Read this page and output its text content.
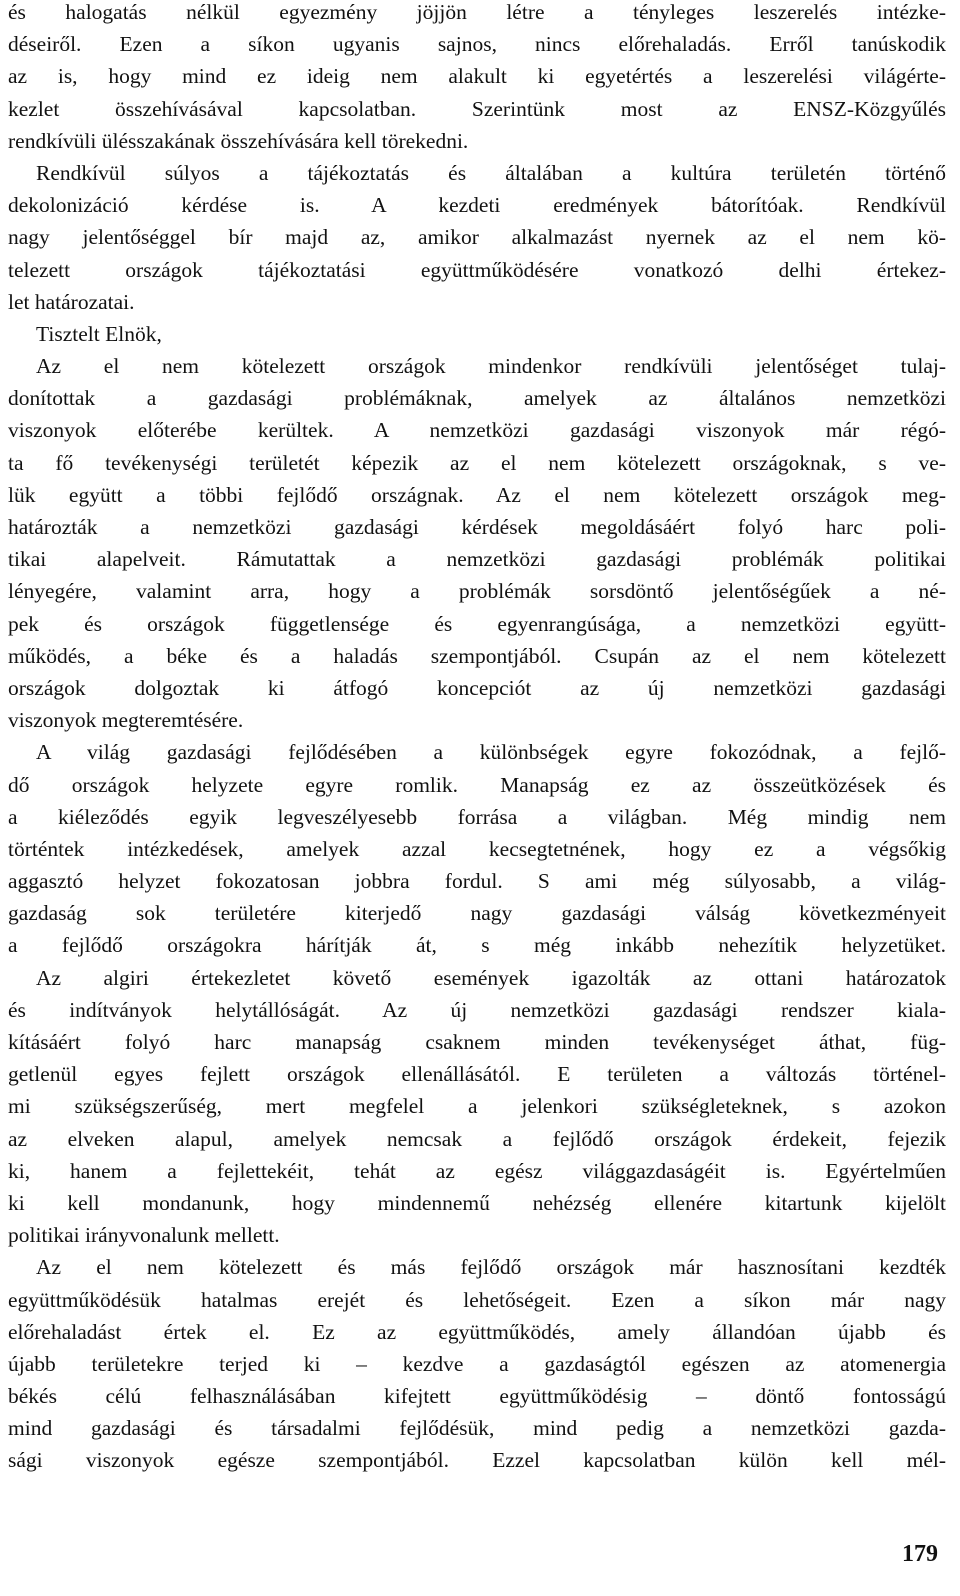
és halogatás nélkül egyezmény jöjjön létre a tényleges leszerelés intézke-
déseiről. Ezen a síkon ugyanis sajnos, nincs előrehaladás. Erről tanúskodik
az is, hogy mind ez ideig nem alakult ki egyetértés a leszerelési világérte-
kezlet összehívásával kapcsolatban. Szerintünk most az ENSZ-Közgyűlés
rendkívüli ülésszakának összehívására kell törekedni.
Rendkívül súlyos a tájékoztatás és általában a kultúra területén történő
dekolonizáció kérdése is. A kezdeti eredmények bátorítóak. Rendkívül
nagy jelentőséggel bír majd az, amikor alkalmazást nyernek az el nem kö-
telezett országok tájékoztatási együttműködésére vonatkozó delhi értekez-
let határozatai.
Tisztelt Elnök,
Az el nem kötelezett országok mindenkor rendkívüli jelentőséget tulaj-
donítottak a gazdasági problémáknak, amelyek az általános nemzetközi
viszonyok előterébe kerültek. A nemzetközi gazdasági viszonyok már régó-
ta fő tevékenységi területét képezik az el nem kötelezett országoknak, s ve-
lük együtt a többi fejlődő országnak. Az el nem kötelezett országok meg-
határozták a nemzetközi gazdasági kérdések megoldásáért folyó harc poli-
tikai alapelveit. Rámutattak a nemzetközi gazdasági problémák politikai
lényegére, valamint arra, hogy a problémák sorsdöntő jelentőségűek a né-
pek és országok függetlensége és egyenrangúsága, a nemzetközi együtt-
működés, a béke és a haladás szempontjából. Csupán az el nem kötelezett
országok dolgoztak ki átfogó koncepciót az új nemzetközi gazdasági
viszonyok megteremtésére.
A világ gazdasági fejlődésében a különbségek egyre fokozódnak, a fejlő-
dő országok helyzete egyre romlik. Manapság ez az összeütközések és
a kiéleződés egyik legveszélyesebb forrása a világban. Még mindig nem
történtek intézkedések, amelyek azzal kecsegtetnének, hogy ez a végsőkig
aggasztó helyzet fokozatosan jobbra fordul. S ami még súlyosabb, a világ-
gazdaság sok területére kiterjedő nagy gazdasági válság következményeit
a fejlődő országokra hárítják át, s még inkább nehezítik helyzetüket.
Az algiri értekezletet követő események igazolták az ottani határozatok
és indítványok helytállóságát. Az új nemzetközi gazdasági rendszer kiala-
kításáért folyó harc manapság csaknem minden tevékenységet áthat, füg-
getlenül egyes fejlett országok ellenállásától. E területen a változás történel-
mi szükségszerűség, mert megfelel a jelenkori szükségleteknek, s azokon
az elveken alapul, amelyek nemcsak a fejlődő országok érdekeit, fejezik
ki, hanem a fejlettekéit, tehát az egész világgazdaságéit is. Egyértelműen
ki kell mondanunk, hogy mindennemű nehézség ellenére kitartunk kijelölt
politikai irányvonalunk mellett.
Az el nem kötelezett és más fejlődő országok már hasznosítani kezdték
együttműködésük hatalmas erejét és lehetőségeit. Ezen a síkon már nagy
előrehaladást értek el. Ez az együttműködés, amely állandóan újabb és
újabb területekre terjed ki – kezdve a gazdaságtól egészen az atomenergia
békés célú felhasználásában kifejtett együttműködésig – döntő fontosságú
mind gazdasági és társadalmi fejlődésük, mind pedig a nemzetközi gazda-
sági viszonyok egésze szempontjából. Ezzel kapcsolatban külön kell mél-
179
